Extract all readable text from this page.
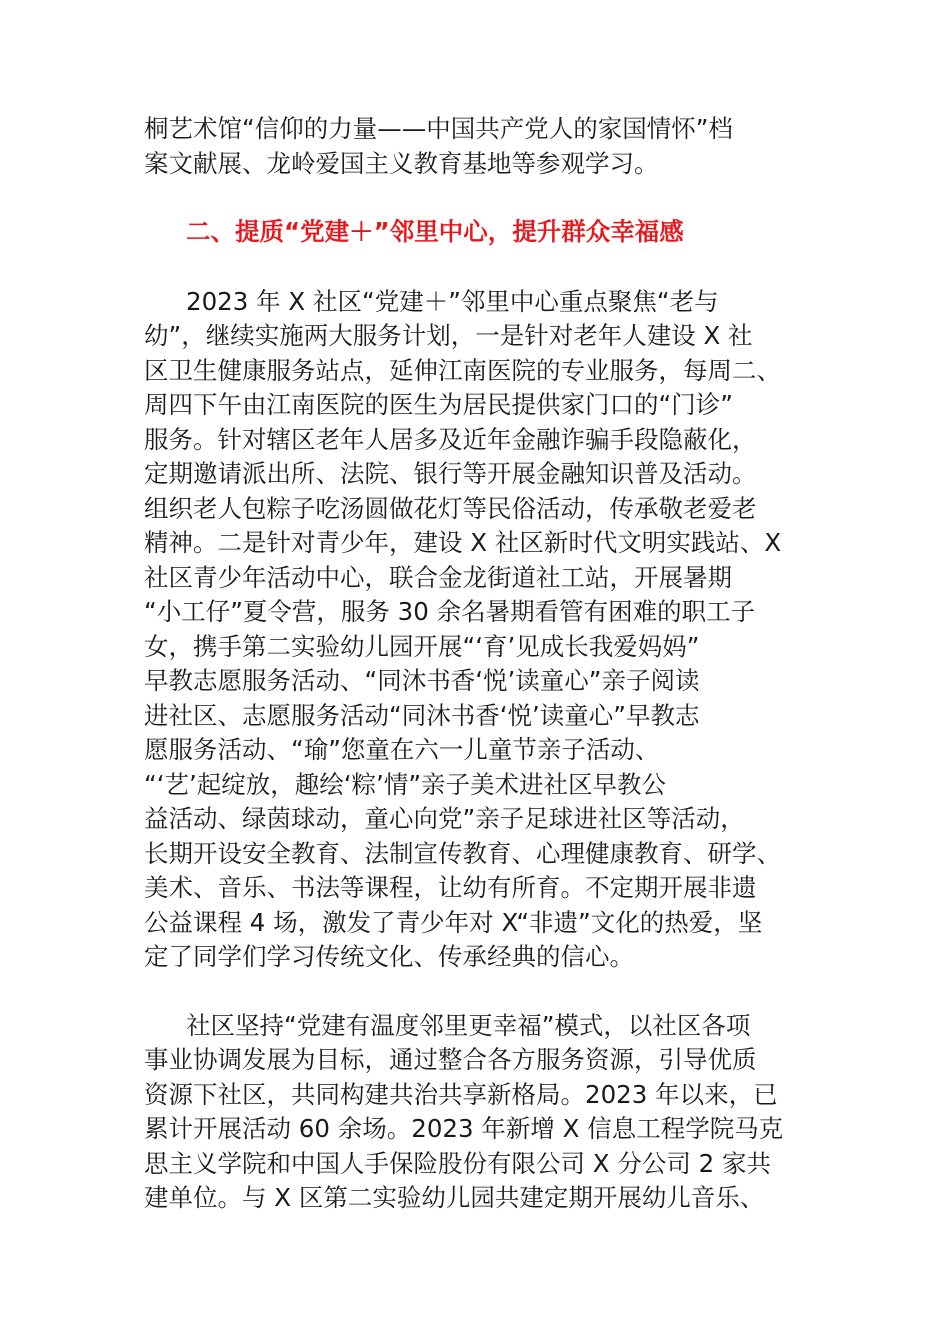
桐艺术馆“信仰的力量——中国共产党人的家国情怀”档
案文献展、龙岭爱国主义教育基地等参观学习。
二、提质“党建＋”邻里中心，提升群众幸福感
2023 年 X 社区“党建＋”邻里中心重点聚焦“老与
幼”，继续实施两大服务计划，一是针对老年人建设 X 社
区卫生健康服务站点，延伸江南医院的专业服务，每周二、
周四下午由江南医院的医生为居民提供家门口的“门诊”
服务。针对辖区老年人居多及近年金融诈骗手段隐蔽化，
定期邀请派出所、法院、银行等开展金融知识普及活动。
组织老人包粽子吃汤圆做花灯等民俗活动，传承敬老爱老
精神。二是针对青少年，建设 X 社区新时代文明实践站、X
社区青少年活动中心，联合金龙街道社工站，开展暑期
“小工仔”夏令营，服务 30 余名暑期看管有困难的职工子
女，携手第二实验幼儿园开展“‘育’见成长我爱妈妈”
早教志愿服务活动、“同沐书香‘悦’读童心”亲子阅读
进社区、志愿服务活动“同沐书香‘悦’读童心”早教志
愿服务活动、“瑜”您童在六一儿童节亲子活动、
“‘艺’起绽放，趣绘‘粽’情”亲子美术进社区早教公
益活动、绿茵球动，童心向党”亲子足球进社区等活动，
长期开设安全教育、法制宣传教育、心理健康教育、研学、
美术、音乐、书法等课程，让幼有所育。不定期开展非遗
公益课程 4 场，激发了青少年对 X“非遗”文化的热爱，坚
定了同学们学习传统文化、传承经典的信心。
社区坚持“党建有温度邻里更幸福”模式，以社区各项
事业协调发展为目标，通过整合各方服务资源，引导优质
资源下社区，共同构建共治共享新格局。2023 年以来，已
累计开展活动 60 余场。2023 年新增 X 信息工程学院马克
思主义学院和中国人手保险股份有限公司 X 分公司 2 家共
建单位。与 X 区第二实验幼儿园共建定期开展幼儿音乐、
